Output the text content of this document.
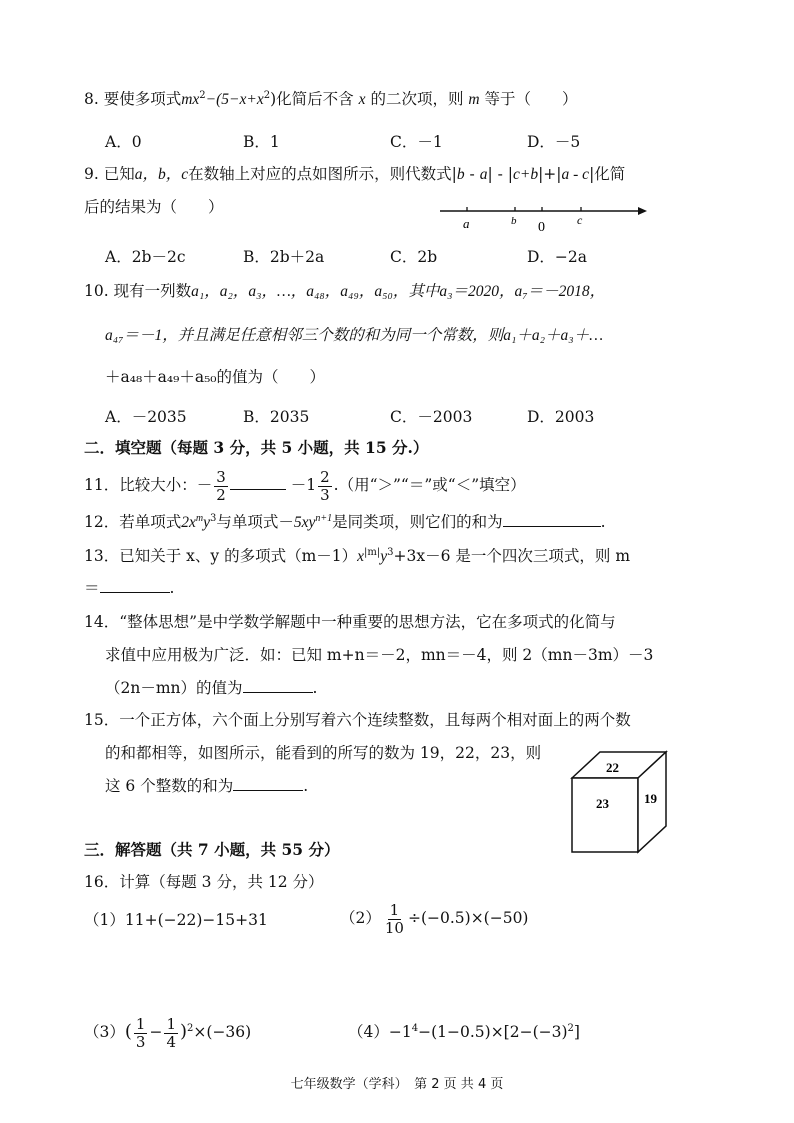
8. 要使多项式$mx^2-(5-x+x^2)$化简后不含 x 的二次项，则 m 等于（　　）
A．0	B．1	C．－1	D．－5
9. 已知a，b，c在数轴上对应的点如图所示，则代数式|b - a| - |c+b|+|a - c|化简
后的结果为（　　）
a	b 0	c
A．2b－2c	B．2b＋2a	C．2b	D．−2a
10. 现有一列数a₁，a₂，a₃，…，a₄₈，a₄₉，a₅₀，其中a₃＝2020，a₇＝－2018，
a₄₇＝－1，并且满足任意相邻三个数的和为同一个常数，则a₁＋a₂＋a₃＋…
＋a₄₈＋a₄₉＋a₅₀的值为（　　）
A．－2035	B．2035	C．－2003	D．2003
二．填空题（每题 3 分，共 5 小题，共 15 分.）
11．比较大小：－ $\frac{3}{2}$	$-1 \frac{2}{3}$ .（用“＞”“＝”或“＜”填空）
12．若单项式$2x^my^3$与单项式$-5xy^{n+1}$是同类项，则它们的和为	.
13．已知关于 x、y 的多项式$(m-1)x^{|m|}y^3+3x-6$ 是一个四次三项式，则 m
＝	.
14．“整体思想”是中学数学解题中一种重要的思想方法，它在多项式的化简与
求值中应用极为广泛．如：已知 m+n＝－2，mn＝－4，则 2（mn－3m）－3
（2n－mn）的值为	.
15．一个正方体，六个面上分别写着六个连续整数，且每两个相对面上的两个数
的和都相等，如图所示，能看到的所写的数为 19，22，23，则
这 6 个整数的和为	.
22
23	19
三．解答题（共 7 小题，共 55 分）
16．计算（每题 3 分，共 12 分）
（1）11+(−22)−15+31	$(2) \frac{1}{10} \div(-0.5)\times(-50)$
$(3)( \frac{1}{3} - \frac{1}{4} )^2\times(-36)$	$(4)-1^4-(1-0.5)\times[2-(-3)^2]$
七年级数学（学科）　第 2 页 共 4 页
